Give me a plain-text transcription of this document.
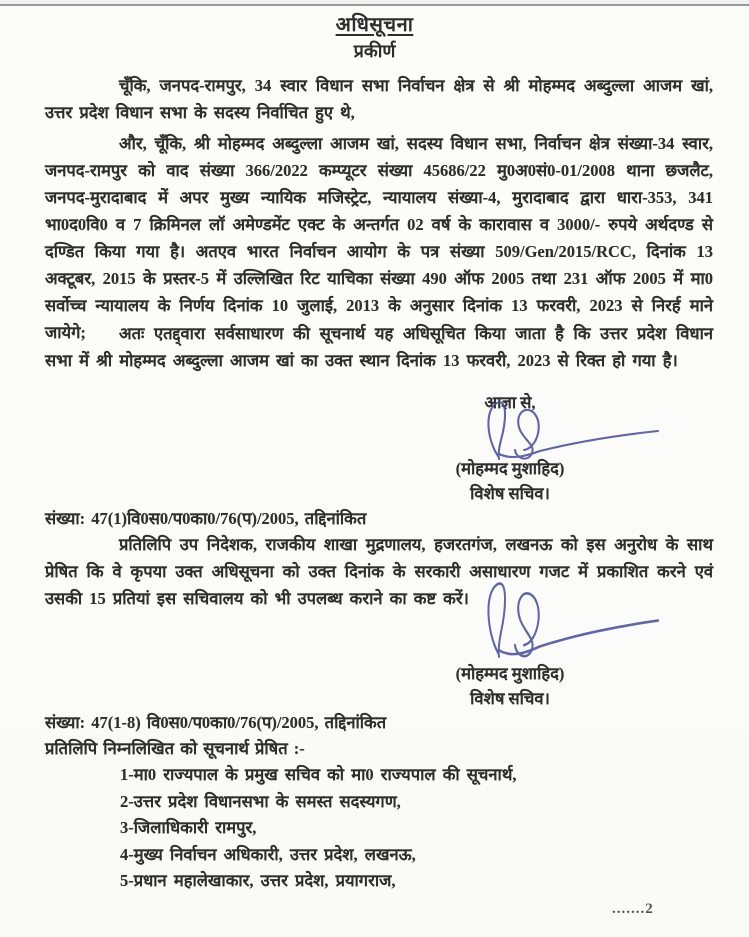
अधिसूचना
प्रकीर्ण
चूँकि, जनपद-रामपुर, 34 स्वार विधान सभा निर्वाचन क्षेत्र से श्री मोहम्मद अब्दुल्ला आजम खां, उत्तर प्रदेश विधान सभा के सदस्य निर्वाचित हुए थे,
और, चूँकि, श्री मोहम्मद अब्दुल्ला आजम खां, सदस्य विधान सभा, निर्वाचन क्षेत्र संख्या-34 स्वार, जनपद-रामपुर को वाद संख्या 366/2022 कम्प्यूटर संख्या 45686/22 मु0अ0सं0-01/2008 थाना छजलैट, जनपद-मुरादाबाद में अपर मुख्य न्यायिक मजिस्ट्रेट, न्यायालय संख्या-4, मुरादाबाद द्वारा धारा-353, 341 भा0द0वि0 व 7 क्रिमिनल लॉ अमेण्डमेंट एक्ट के अन्तर्गत 02 वर्ष के कारावास व 3000/- रुपये अर्थदण्ड से दण्डित किया गया है। अतएव भारत निर्वाचन आयोग के पत्र संख्या 509/Gen/2015/RCC, दिनांक 13 अक्टूबर, 2015 के प्रस्तर-5 में उल्लिखित रिट याचिका संख्या 490 ऑफ 2005 तथा 231 ऑफ 2005 में मा0 सर्वोच्च न्यायालय के निर्णय दिनांक 10 जुलाई, 2013 के अनुसार दिनांक 13 फरवरी, 2023 से निरर्ह माने जायेगे;	अतः एतद्द्वारा सर्वसाधारण की सूचनार्थ यह अधिसूचित किया जाता है कि उत्तर प्रदेश विधान सभा में श्री मोहम्मद अब्दुल्ला आजम खां का उक्त स्थान दिनांक 13 फरवरी, 2023 से रिक्त हो गया है।
आज्ञा से,
(मोहम्मद मुशाहिद)
विशेष सचिव।
संख्या: 47(1)वि0स0/प0का0/76(प)/2005, तद्दिनांकित
प्रतिलिपि उप निदेशक, राजकीय शाखा मुद्रणालय, हजरतगंज, लखनऊ को इस अनुरोध के साथ प्रेषित कि वे कृपया उक्त अधिसूचना को उक्त दिनांक के सरकारी असाधारण गजट में प्रकाशित करने एवं उसकी 15 प्रतियां इस सचिवालय को भी उपलब्ध कराने का कष्ट करें।
(मोहम्मद मुशाहिद)
विशेष सचिव।
संख्या: 47(1-8) वि0स0/प0का0/76(प)/2005, तद्दिनांकित
प्रतिलिपि निम्नलिखित को सूचनार्थ प्रेषित :-
1-मा0 राज्यपाल के प्रमुख सचिव को मा0 राज्यपाल की सूचनार्थ,
2-उत्तर प्रदेश विधानसभा के समस्त सदस्यगण,
3-जिलाधिकारी रामपुर,
4-मुख्य निर्वाचन अधिकारी, उत्तर प्रदेश, लखनऊ,
5-प्रधान महालेखाकार, उत्तर प्रदेश, प्रयागराज,
.......2
